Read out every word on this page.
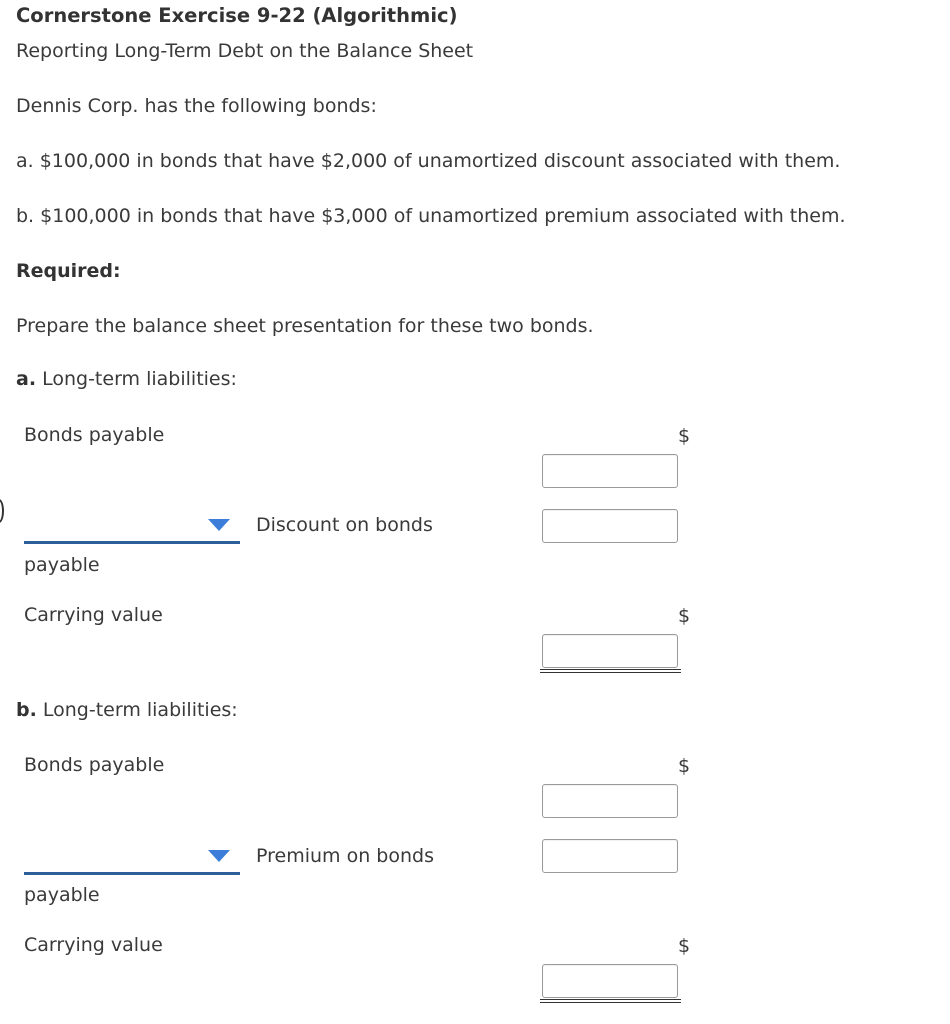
Cornerstone Exercise 9-22 (Algorithmic)
Reporting Long-Term Debt on the Balance Sheet
Dennis Corp. has the following bonds:
a. $100,000 in bonds that have $2,000 of unamortized discount associated with them.
b. $100,000 in bonds that have $3,000 of unamortized premium associated with them.
Required:
Prepare the balance sheet presentation for these two bonds.
a. Long-term liabilities:
Bonds payable	$
Discount on bonds
payable
Carrying value	$
b. Long-term liabilities:
Bonds payable	$
Premium on bonds
payable
Carrying value	$
